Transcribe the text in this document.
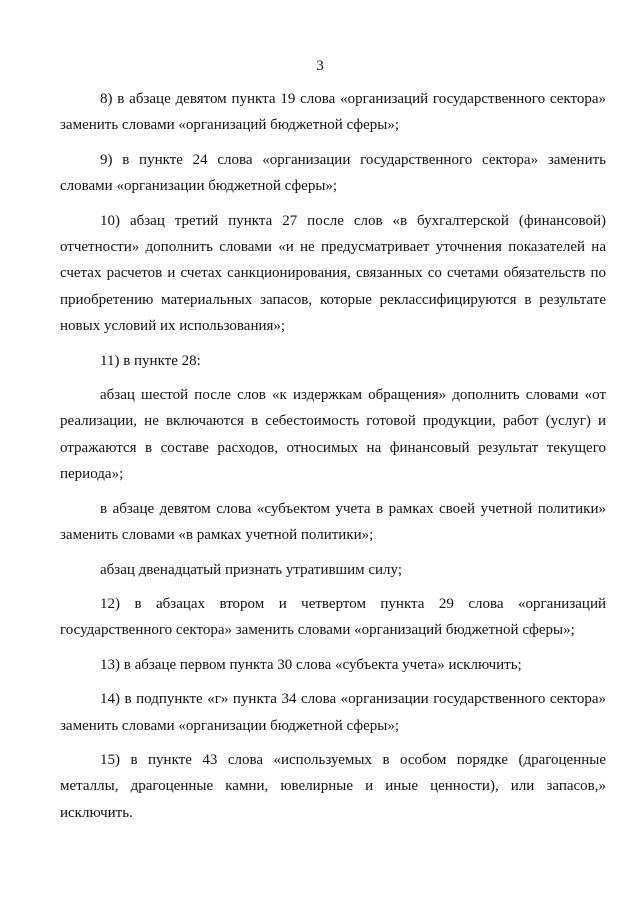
3

8) в абзаце девятом пункта 19 слова «организаций государственного сектора» заменить словами «организаций бюджетной сферы»;

9) в пункте 24 слова «организации государственного сектора» заменить словами «организации бюджетной сферы»;

10) абзац третий пункта 27 после слов «в бухгалтерской (финансовой) отчетности» дополнить словами «и не предусматривает уточнения показателей на счетах расчетов и счетах санкционирования, связанных со счетами обязательств по приобретению материальных запасов, которые реклассифицируются в результате новых условий их использования»;

11) в пункте 28:

абзац шестой после слов «к издержкам обращения» дополнить словами «от реализации, не включаются в себестоимость готовой продукции, работ (услуг) и отражаются в составе расходов, относимых на финансовый результат текущего периода»;

в абзаце девятом слова «субъектом учета в рамках своей учетной политики» заменить словами «в рамках учетной политики»;

абзац двенадцатый признать утратившим силу;

12) в абзацах втором и четвертом пункта 29 слова «организаций государственного сектора» заменить словами «организаций бюджетной сферы»;

13) в абзаце первом пункта 30 слова «субъекта учета» исключить;

14) в подпункте «г» пункта 34 слова «организации государственного сектора» заменить словами «организации бюджетной сферы»;

15) в пункте 43 слова «используемых в особом порядке (драгоценные металлы, драгоценные камни, ювелирные и иные ценности), или запасов,» исключить.
